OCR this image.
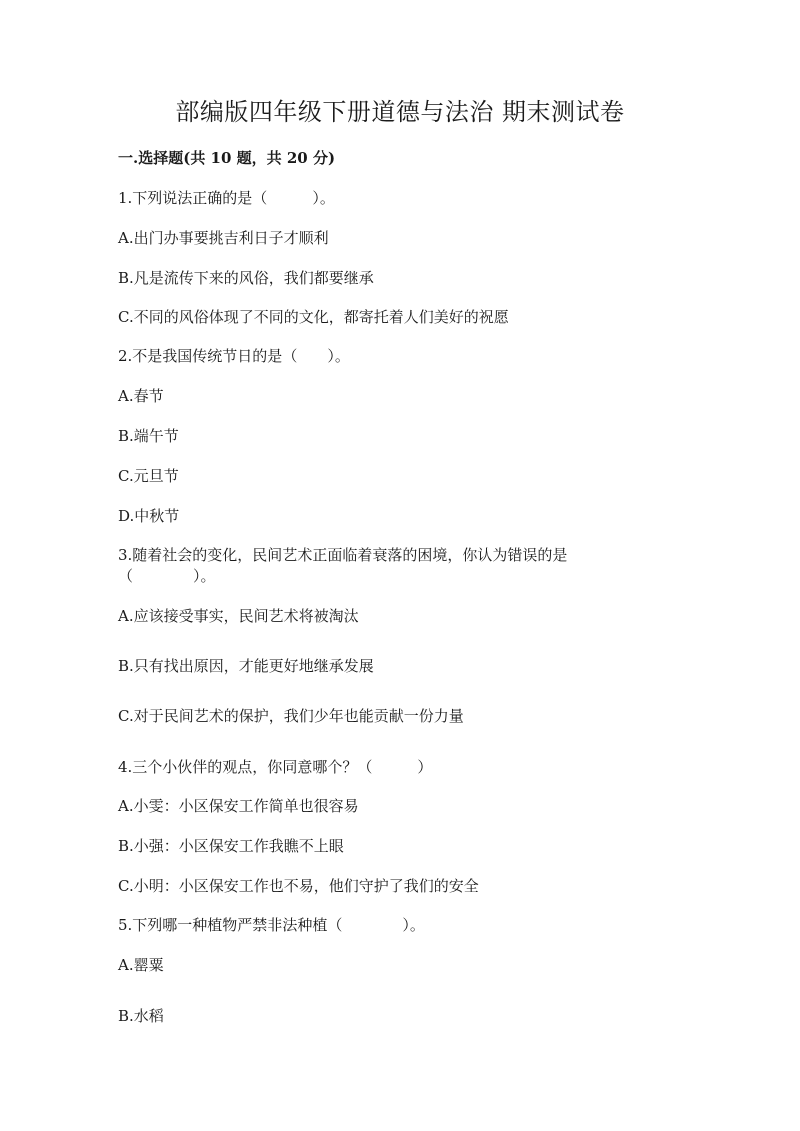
部编版四年级下册道德与法治 期末测试卷

一.选择题(共 10 题，共 20 分)

1.下列说法正确的是（　　　）。

A.出门办事要挑吉利日子才顺利

B.凡是流传下来的风俗，我们都要继承

C.不同的风俗体现了不同的文化，都寄托着人们美好的祝愿

2.不是我国传统节日的是（　　）。

A.春节

B.端午节

C.元旦节

D.中秋节

3.随着社会的变化，民间艺术正面临着衰落的困境，你认为错误的是（　　　　）。

A.应该接受事实，民间艺术将被淘汰

B.只有找出原因，才能更好地继承发展

C.对于民间艺术的保护，我们少年也能贡献一份力量

4.三个小伙伴的观点，你同意哪个？（　　　）

A.小雯：小区保安工作简单也很容易

B.小强：小区保安工作我瞧不上眼

C.小明：小区保安工作也不易，他们守护了我们的安全

5.下列哪一种植物严禁非法种植（　　　　）。

A.罂粟

B.水稻
